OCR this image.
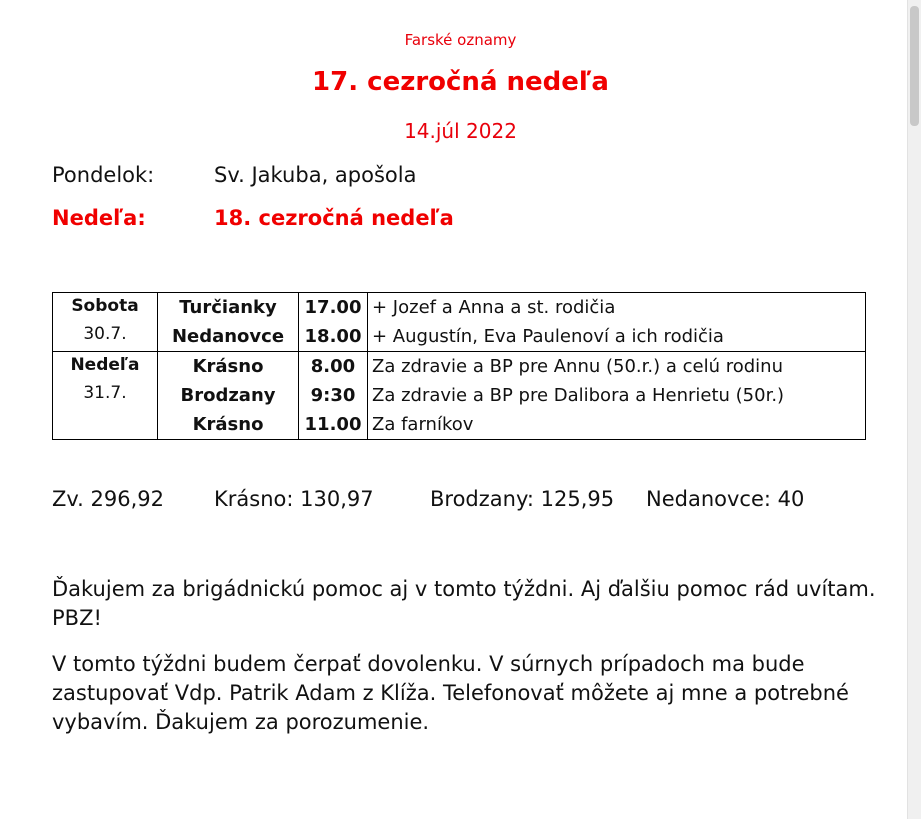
Farské oznamy
17. cezročná nedeľa
14.júl 2022
Pondelok:	Sv. Jakuba, apošola
Nedeľa:	18. cezročná nedeľa
Sobota
30.7.	Turčianky	17.00	+ Jozef a Anna a st. rodičia
	Nedanovce	18.00	+ Augustín, Eva Paulenoví a ich rodičia

Nedeľa
31.7.	Krásno	8.00	Za zdravie a BP pre Annu (50.r.) a celú rodinu
	Brodzany	9:30	Za zdravie a BP pre Dalibora a Henrietu (50r.)
	Krásno	11.00	Za farníkov
Zv. 296,92 Krásno: 130,97	Brodzany: 125,95 Nedanovce: 40

Ďakujem za brigádnickú pomoc aj v tomto týždni. Aj ďalšiu pomoc rád uvítam. PBZ!

V tomto týždni budem čerpať dovolenku. V súrnych prípadoch ma bude zastupovať Vdp. Patrik Adam z Klíža. Telefonovať môžete aj mne a potrebné vybavím. Ďakujem za porozumenie.
